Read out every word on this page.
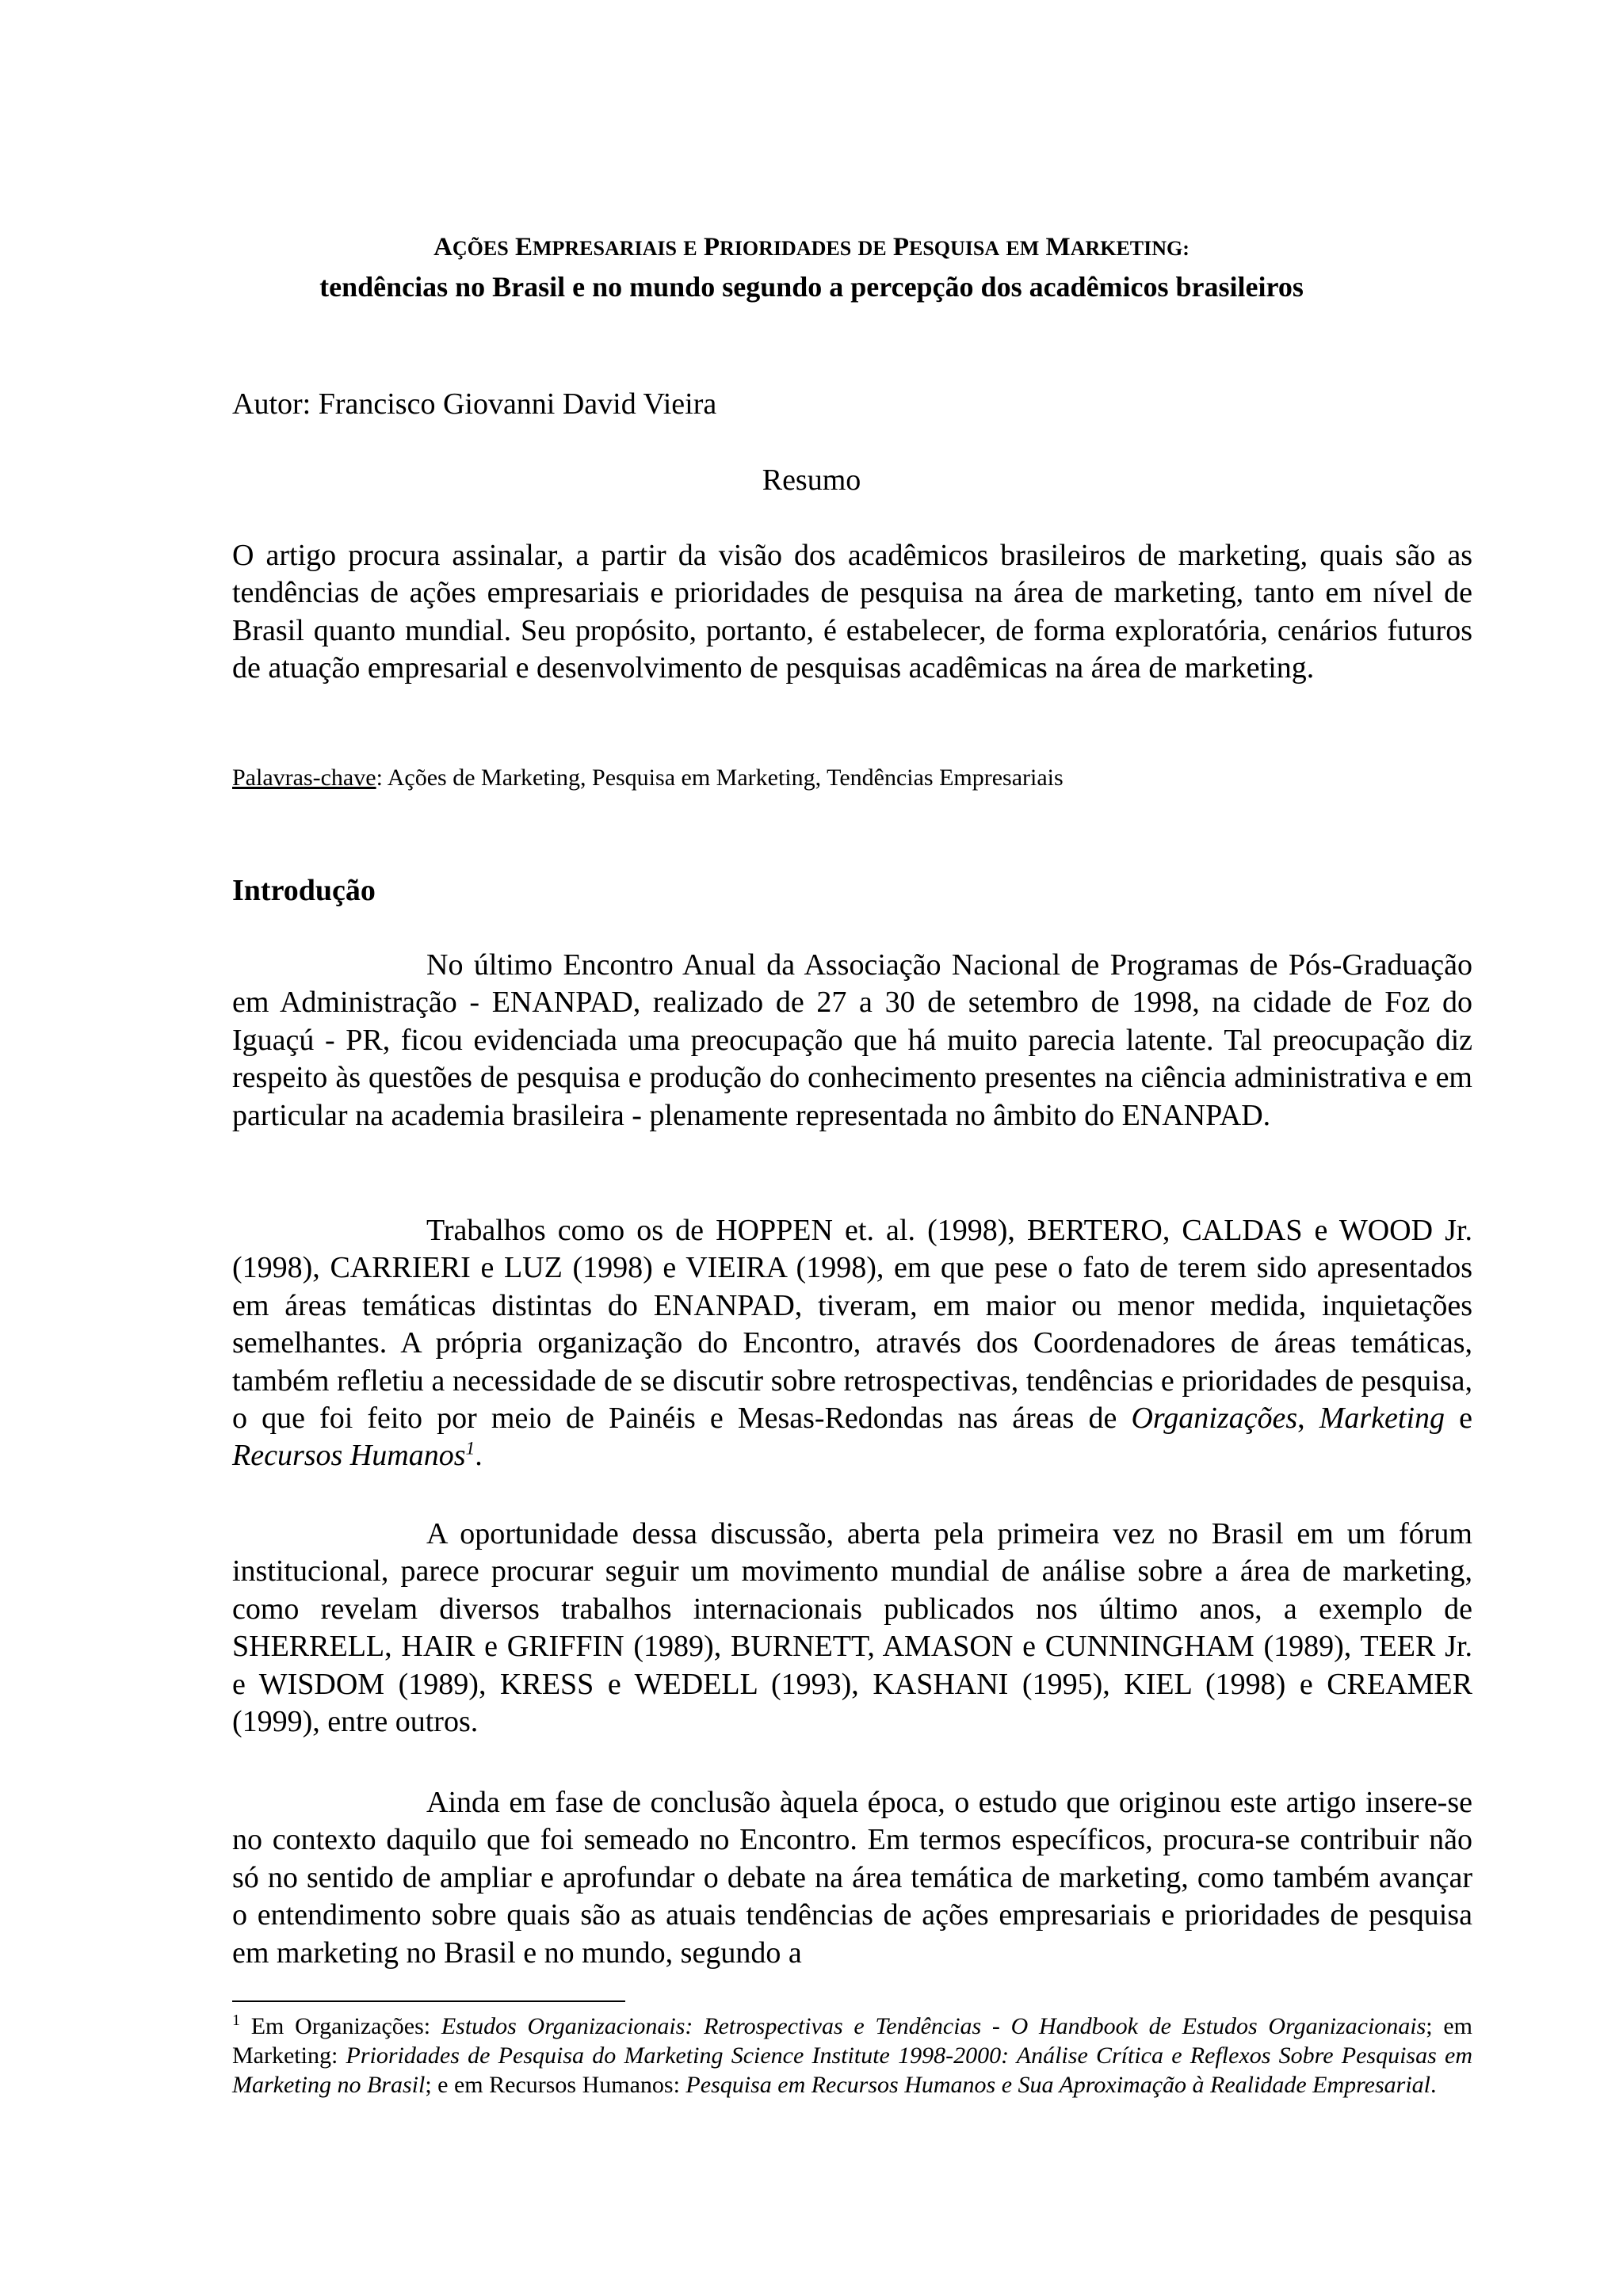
AÇÕES EMPRESARIAIS E PRIORIDADES DE PESQUISA EM MARKETING:
tendências no Brasil e no mundo segundo a percepção dos acadêmicos brasileiros
Autor: Francisco Giovanni David Vieira
Resumo
O artigo procura assinalar, a partir da visão dos acadêmicos brasileiros de marketing, quais são as tendências de ações empresariais e prioridades de pesquisa na área de marketing, tanto em nível de Brasil quanto mundial. Seu propósito, portanto, é estabelecer, de forma exploratória, cenários futuros de atuação empresarial e desenvolvimento de pesquisas acadêmicas na área de marketing.
Palavras-chave: Ações de Marketing, Pesquisa em Marketing, Tendências Empresariais
Introdução
No último Encontro Anual da Associação Nacional de Programas de Pós-Graduação em Administração - ENANPAD, realizado de 27 a 30 de setembro de 1998, na cidade de Foz do Iguaçú - PR, ficou evidenciada uma preocupação que há muito parecia latente. Tal preocupação diz respeito às questões de pesquisa e produção do conhecimento presentes na ciência administrativa e em particular na academia brasileira - plenamente representada no âmbito do ENANPAD.
Trabalhos como os de HOPPEN et. al. (1998), BERTERO, CALDAS e WOOD Jr. (1998), CARRIERI e LUZ (1998) e VIEIRA (1998), em que pese o fato de terem sido apresentados em áreas temáticas distintas do ENANPAD, tiveram, em maior ou menor medida, inquietações semelhantes. A própria organização do Encontro, através dos Coordenadores de áreas temáticas, também refletiu a necessidade de se discutir sobre retrospectivas, tendências e prioridades de pesquisa, o que foi feito por meio de Painéis e Mesas-Redondas nas áreas de Organizações, Marketing e Recursos Humanos$^1$.
A oportunidade dessa discussão, aberta pela primeira vez no Brasil em um fórum institucional, parece procurar seguir um movimento mundial de análise sobre a área de marketing, como revelam diversos trabalhos internacionais publicados nos último anos, a exemplo de SHERRELL, HAIR e GRIFFIN (1989), BURNETT, AMASON e CUNNINGHAM (1989), TEER Jr. e WISDOM (1989), KRESS e WEDELL (1993), KASHANI (1995), KIEL (1998) e CREAMER (1999), entre outros.
Ainda em fase de conclusão àquela época, o estudo que originou este artigo insere-se no contexto daquilo que foi semeado no Encontro. Em termos específicos, procura-se contribuir não só no sentido de ampliar e aprofundar o debate na área temática de marketing, como também avançar o entendimento sobre quais são as atuais tendências de ações empresariais e prioridades de pesquisa em marketing no Brasil e no mundo, segundo a
$^1$ Em Organizações: Estudos Organizacionais: Retrospectivas e Tendências - O Handbook de Estudos Organizacionais; em Marketing: Prioridades de Pesquisa do Marketing Science Institute 1998-2000: Análise Crítica e Reflexos Sobre Pesquisas em Marketing no Brasil; e em Recursos Humanos: Pesquisa em Recursos Humanos e Sua Aproximação à Realidade Empresarial.
